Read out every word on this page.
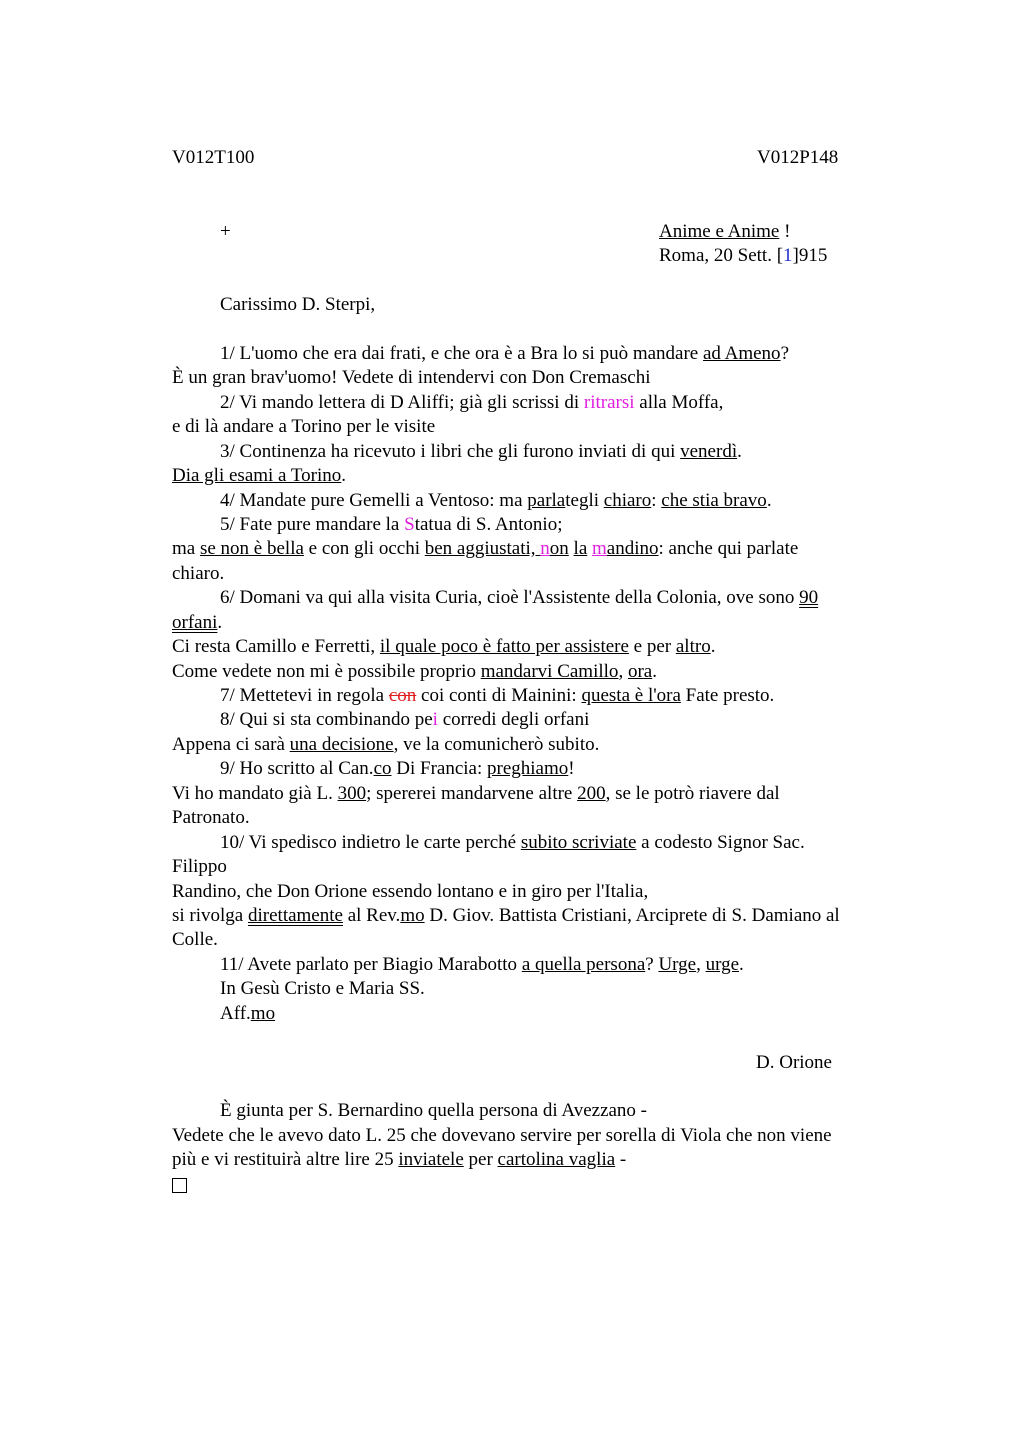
V012T100	V012P148
+	Anime e Anime !
Roma, 20 Sett. [1]915
Carissimo D. Sterpi,
1/ L'uomo che era dai frati, e che ora è a Bra lo si può mandare ad Ameno?
È un gran brav'uomo! Vedete di intendervi con Don Cremaschi
2/ Vi mando lettera di D Aliffi; già gli scrissi di ritrarsi alla Moffa,
e di là andare a Torino per le visite
3/ Continenza ha ricevuto i libri che gli furono inviati di qui venerdì.
Dia gli esami a Torino.
4/ Mandate pure Gemelli a Ventoso: ma parlategli chiaro: che stia bravo.
5/ Fate pure mandare la Statua di S. Antonio;
ma se non è bella e con gli occhi ben aggiustati, non la mandino: anche qui parlate
chiaro.
6/ Domani va qui alla visita Curia, cioè l'Assistente della Colonia, ove sono 90
orfani.
Ci resta Camillo e Ferretti, il quale poco è fatto per assistere e per altro.
Come vedete non mi è possibile proprio mandarvi Camillo, ora.
7/ Mettetevi in regola con coi conti di Mainini: questa è l'ora Fate presto.
8/ Qui si sta combinando pei corredi degli orfani
Appena ci sarà una decisione, ve la comunicherò subito.
9/ Ho scritto al Can.co Di Francia: preghiamo!
Vi ho mandato già L. 300; spererei mandarvene altre 200, se le potrò riavere dal
Patronato.
10/ Vi spedisco indietro le carte perché subito scriviate a codesto Signor Sac.
Filippo
Randino, che Don Orione essendo lontano e in giro per l'Italia,
si rivolga direttamente al Rev.mo D. Giov. Battista Cristiani, Arciprete di S. Damiano al
Colle.
11/ Avete parlato per Biagio Marabotto a quella persona? Urge, urge.
In Gesù Cristo e Maria SS.
Aff.mo
D. Orione
È giunta per S. Bernardino quella persona di Avezzano -
Vedete che le avevo dato L. 25 che dovevano servire per sorella di Viola che non viene
più e vi restituirà altre lire 25 inviatele per cartolina vaglia -
